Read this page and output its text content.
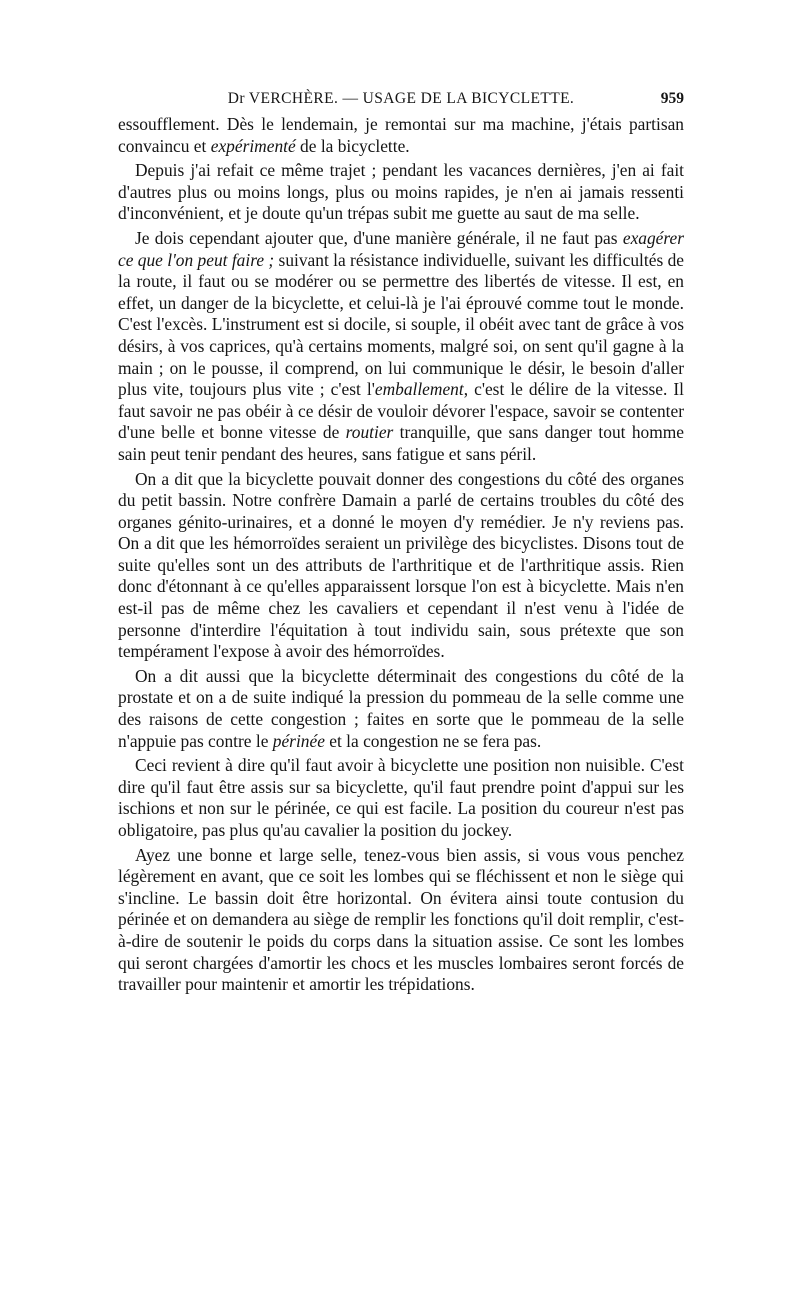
Dr VERCHÈRE. — USAGE DE LA BICYCLETTE.	959

essoufflement. Dès le lendemain, je remontai sur ma machine, j'étais partisan convaincu et expérimenté de la bicyclette.

Depuis j'ai refait ce même trajet ; pendant les vacances dernières, j'en ai fait d'autres plus ou moins longs, plus ou moins rapides, je n'en ai jamais ressenti d'inconvénient, et je doute qu'un trépas subit me guette au saut de ma selle.

Je dois cependant ajouter que, d'une manière générale, il ne faut pas exagérer ce que l'on peut faire ; suivant la résistance individuelle, suivant les difficultés de la route, il faut ou se modérer ou se permettre des libertés de vitesse. Il est, en effet, un danger de la bicyclette, et celui-là je l'ai éprouvé comme tout le monde. C'est l'excès. L'instrument est si docile, si souple, il obéit avec tant de grâce à vos désirs, à vos caprices, qu'à certains moments, malgré soi, on sent qu'il gagne à la main ; on le pousse, il comprend, on lui communique le désir, le besoin d'aller plus vite, toujours plus vite ; c'est l'emballement, c'est le délire de la vitesse. Il faut savoir ne pas obéir à ce désir de vouloir dévorer l'espace, savoir se contenter d'une belle et bonne vitesse de routier tranquille, que sans danger tout homme sain peut tenir pendant des heures, sans fatigue et sans péril.

On a dit que la bicyclette pouvait donner des congestions du côté des organes du petit bassin. Notre confrère Damain a parlé de certains troubles du côté des organes génito-urinaires, et a donné le moyen d'y remédier. Je n'y reviens pas. On a dit que les hémorroïdes seraient un privilège des bicyclistes. Disons tout de suite qu'elles sont un des attributs de l'arthritique et de l'arthritique assis. Rien donc d'étonnant à ce qu'elles apparaissent lorsque l'on est à bicyclette. Mais n'en est-il pas de même chez les cavaliers et cependant il n'est venu à l'idée de personne d'interdire l'équitation à tout individu sain, sous prétexte que son tempérament l'expose à avoir des hémorroïdes.

On a dit aussi que la bicyclette déterminait des congestions du côté de la prostate et on a de suite indiqué la pression du pommeau de la selle comme une des raisons de cette congestion ; faites en sorte que le pommeau de la selle n'appuie pas contre le périnée et la congestion ne se fera pas.

Ceci revient à dire qu'il faut avoir à bicyclette une position non nuisible. C'est dire qu'il faut être assis sur sa bicyclette, qu'il faut prendre point d'appui sur les ischions et non sur le périnée, ce qui est facile. La position du coureur n'est pas obligatoire, pas plus qu'au cavalier la position du jockey.

Ayez une bonne et large selle, tenez-vous bien assis, si vous vous penchez légèrement en avant, que ce soit les lombes qui se fléchissent et non le siège qui s'incline. Le bassin doit être horizontal. On évitera ainsi toute contusion du périnée et on demandera au siège de remplir les fonctions qu'il doit remplir, c'est-à-dire de soutenir le poids du corps dans la situation assise. Ce sont les lombes qui seront chargées d'amortir les chocs et les muscles lombaires seront forcés de travailler pour maintenir et amortir les trépidations.
